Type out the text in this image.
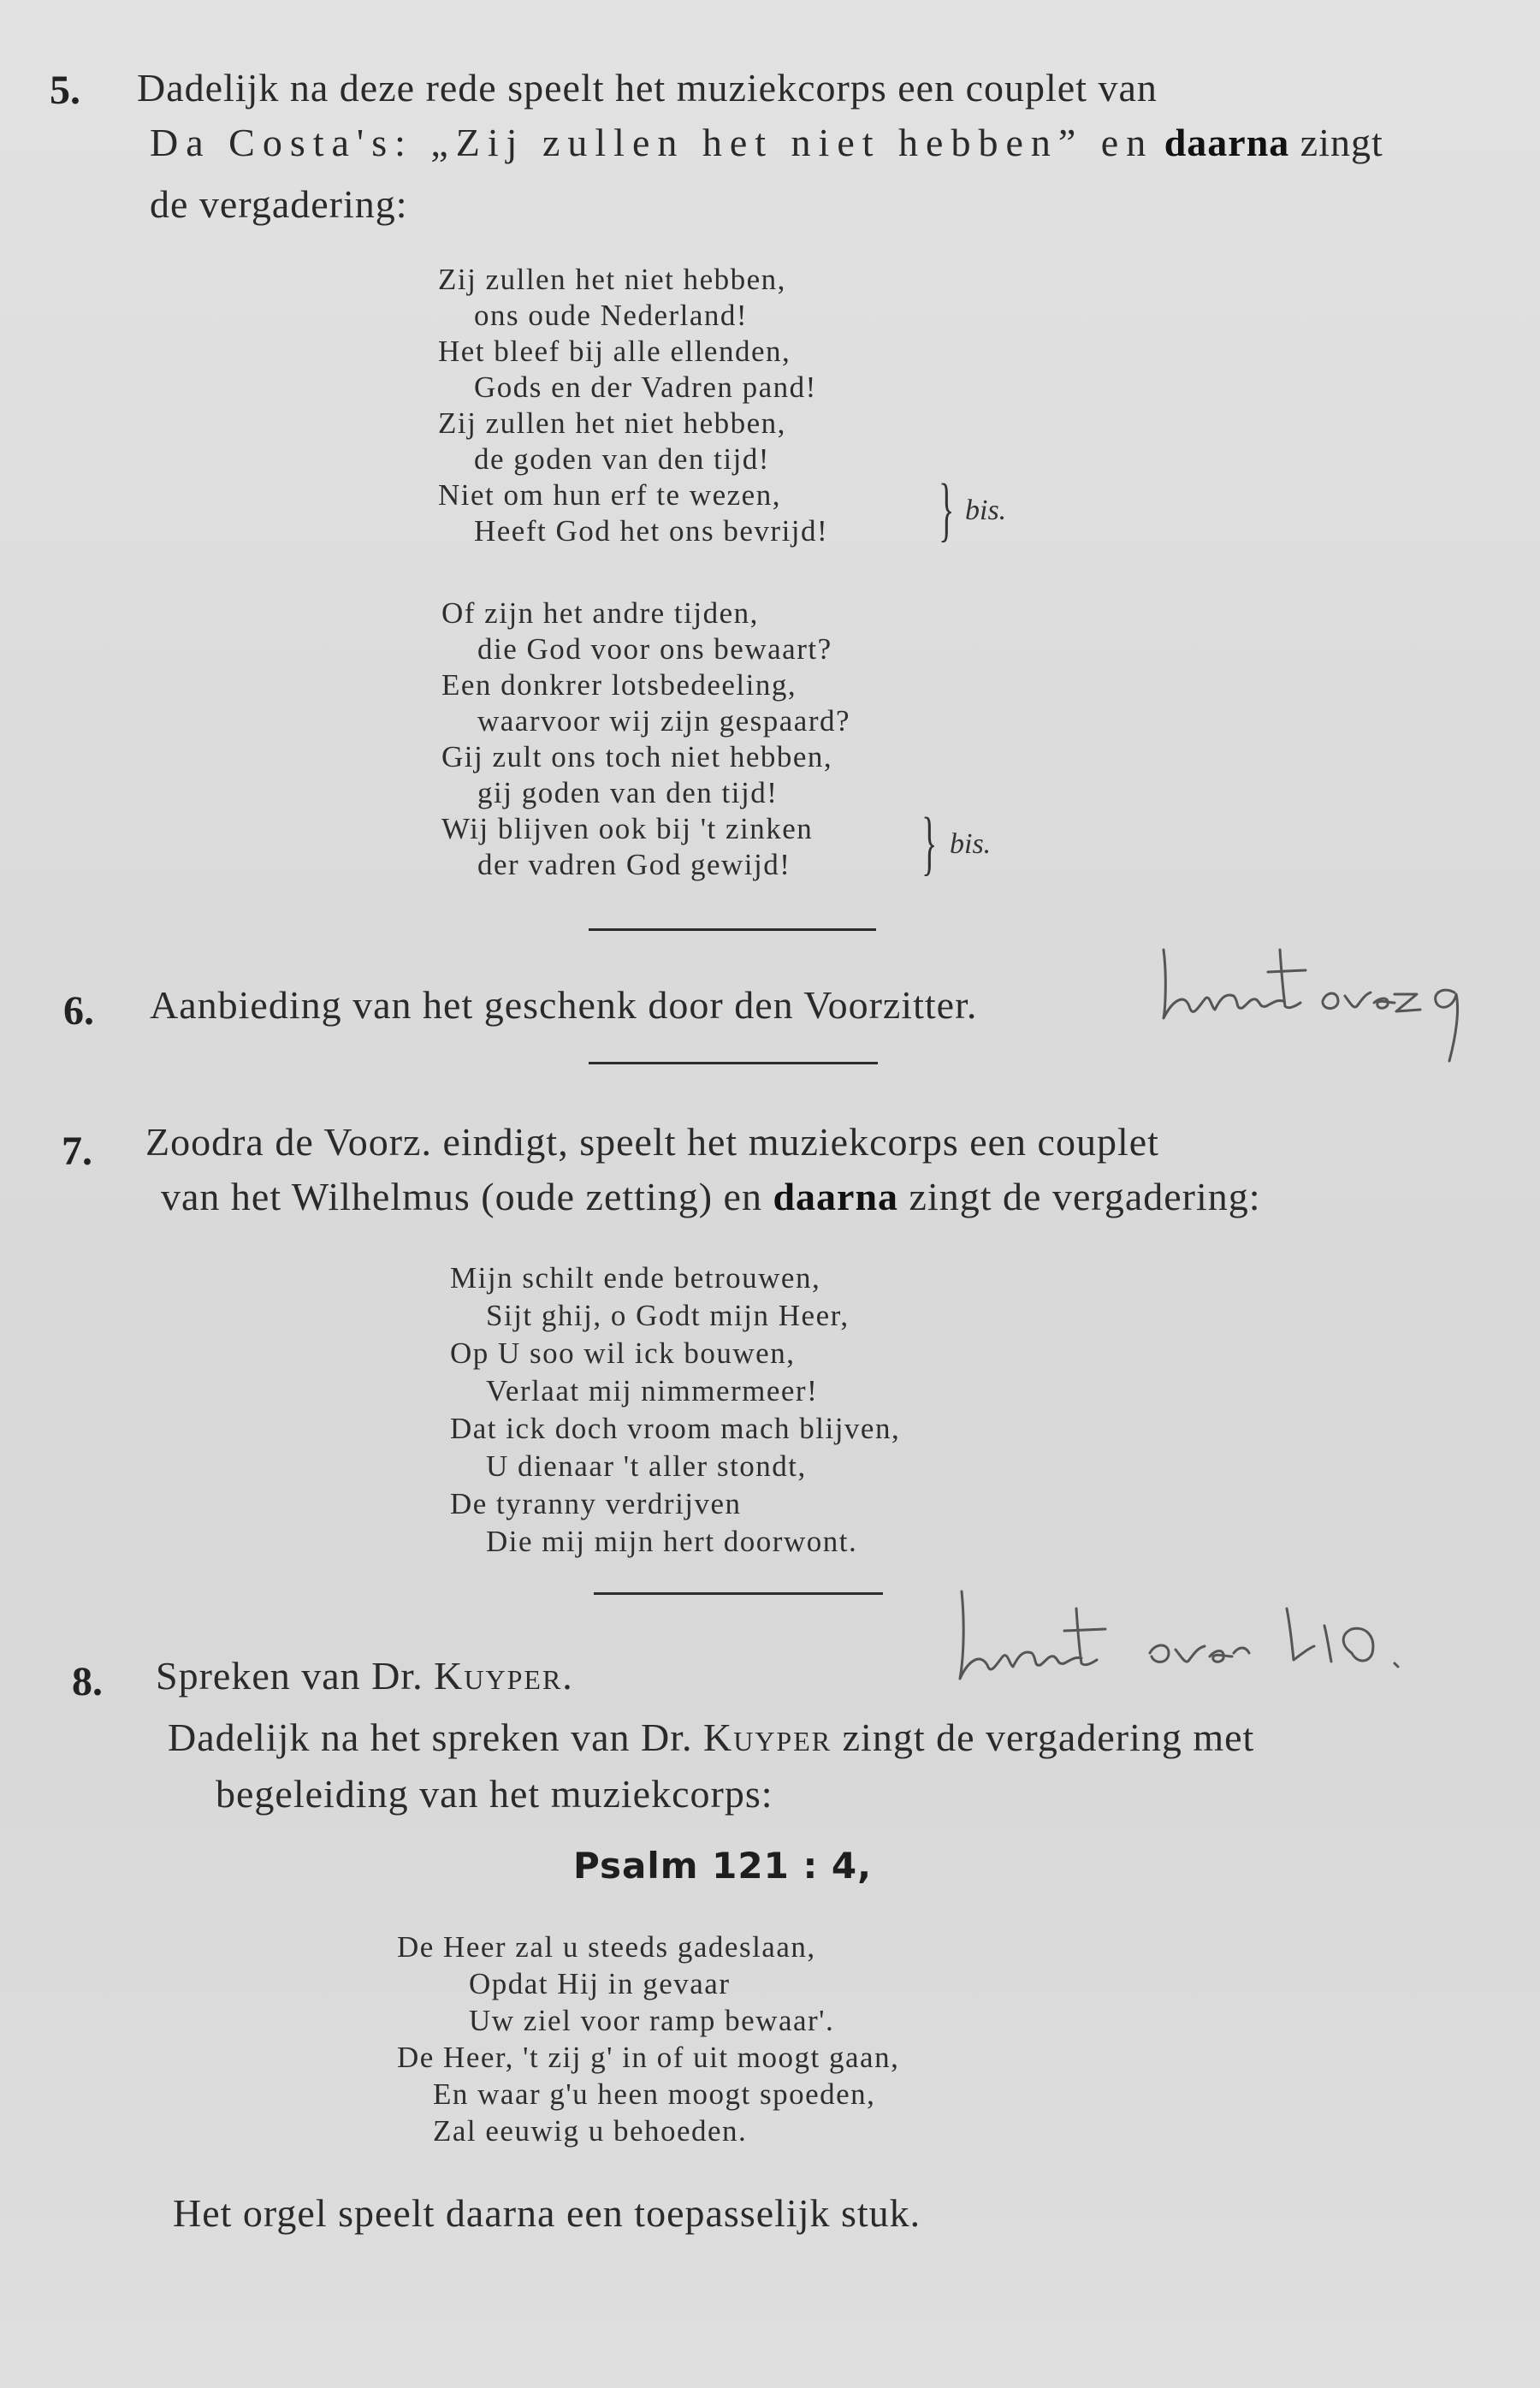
5. Dadelijk na deze rede speelt het muziekcorps een couplet van
Da Costa's: „Zij zullen het niet hebben” en daarna zingt
de vergadering:
Zij zullen het niet hebben,
ons oude Nederland!
Het bleef bij alle ellenden,
Gods en der Vadren pand!
Zij zullen het niet hebben,
de goden van den tijd!
Niet om hun erf te wezen,
Heeft God het ons bevrijd! } bis.
Of zijn het andre tijden,
die God voor ons bewaart?
Een donkrer lotsbedeeling,
waarvoor wij zijn gespaard?
Gij zult ons toch niet hebben,
gij goden van den tijd!
Wij blijven ook bij 't zinken
der vadren God gewijd!	} bis.
6. Aanbieding van het geschenk door den Voorzitter.
7. Zoodra de Voorz. eindigt, speelt het muziekcorps een couplet
van het Wilhelmus (oude zetting) en daarna zingt de vergadering:
Mijn schilt ende betrouwen,
Sijt ghij, o Godt mijn Heer,
Op U soo wil ick bouwen,
Verlaat mij nimmermeer!
Dat ick doch vroom mach blijven,
U dienaar 't aller stondt,
De tyranny verdrijven
Die mij mijn hert doorwont.
8. Spreken van Dr. Kuyper.
Dadelijk na het spreken van Dr. Kuyper zingt de vergadering met
begeleiding van het muziekcorps:
Psalm 121 : 4,
De Heer zal u steeds gadeslaan,
Opdat Hij in gevaar
Uw ziel voor ramp bewaar'.
De Heer, 't zij g' in of uit moogt gaan,
En waar g'u heen moogt spoeden,
Zal eeuwig u behoeden.
Het orgel speelt daarna een toepasselijk stuk.
